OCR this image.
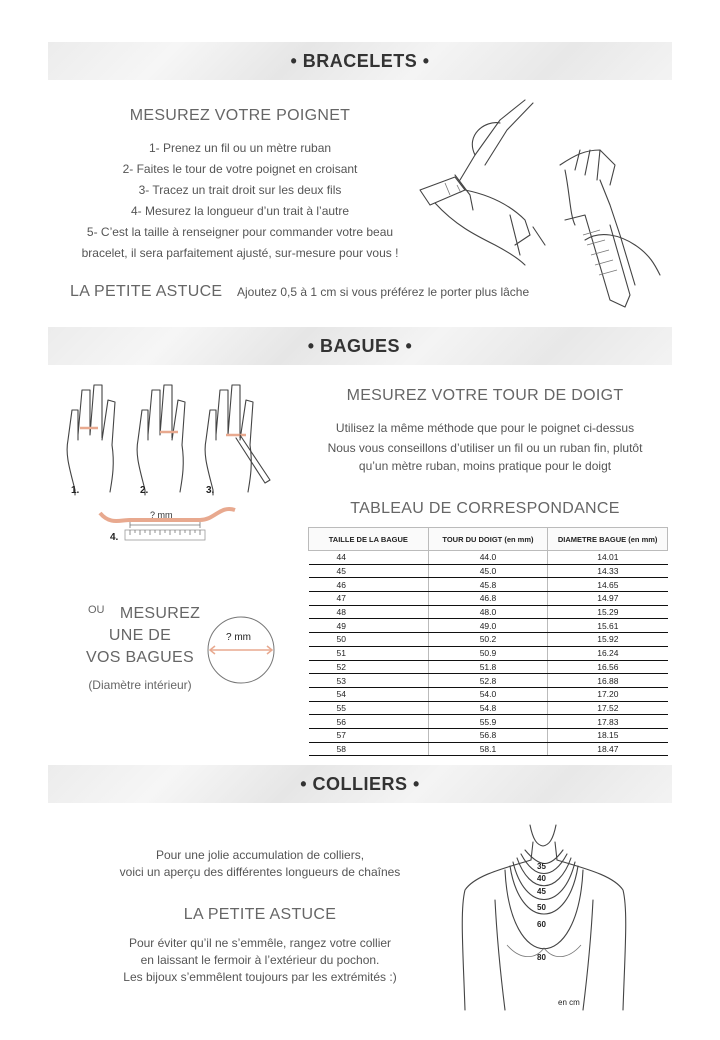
• BRACELETS •
MESUREZ VOTRE POIGNET
1- Prenez un fil ou un mètre ruban
2- Faites le tour de votre poignet en croisant
3- Tracez un trait droit sur les deux fils
4- Mesurez la longueur d’un trait à l’autre
5- C’est la taille à renseigner pour commander votre beau
bracelet, il sera parfaitement ajusté, sur-mesure pour vous !
LA PETITE ASTUCE Ajoutez 0,5 à 1 cm si vous préférez le porter plus lâche
• BAGUES •
1.	2.	3.
4.
? mm
MESUREZ VOTRE TOUR DE DOIGT
Utilisez la même méthode que pour le poignet ci-dessus
Nous vous conseillons d’utiliser un fil ou un ruban fin, plutôt
qu’un mètre ruban, moins pratique pour le doigt
TABLEAU DE CORRESPONDANCE
TAILLE DE LA BAGUE	TOUR DU DOIGT (en mm)	DIAMETRE BAGUE (en mm)
44	44.0	14.01
45	45.0	14.33
46	45.8	14.65
47	46.8	14.97
48	48.0	15.29
49	49.0	15.61
50	50.2	15.92
51	50.9	16.24
52	51.8	16.56
53	52.8	16.88
54	54.0	17.20
55	54.8	17.52
56	55.9	17.83
57	56.8	18.15
58	58.1	18.47
OU MESUREZ
UNE DE
VOS BAGUES
(Diamètre intérieur)
? mm
• COLLIERS •
Pour une jolie accumulation de colliers,
voici un aperçu des différentes longueurs de chaînes
LA PETITE ASTUCE
Pour éviter qu’il ne s’emmêle, rangez votre collier
en laissant le fermoir à l’extérieur du pochon.
Les bijoux s’emmêlent toujours par les extrémités :)
35
40
45
50
60
80
en cm
